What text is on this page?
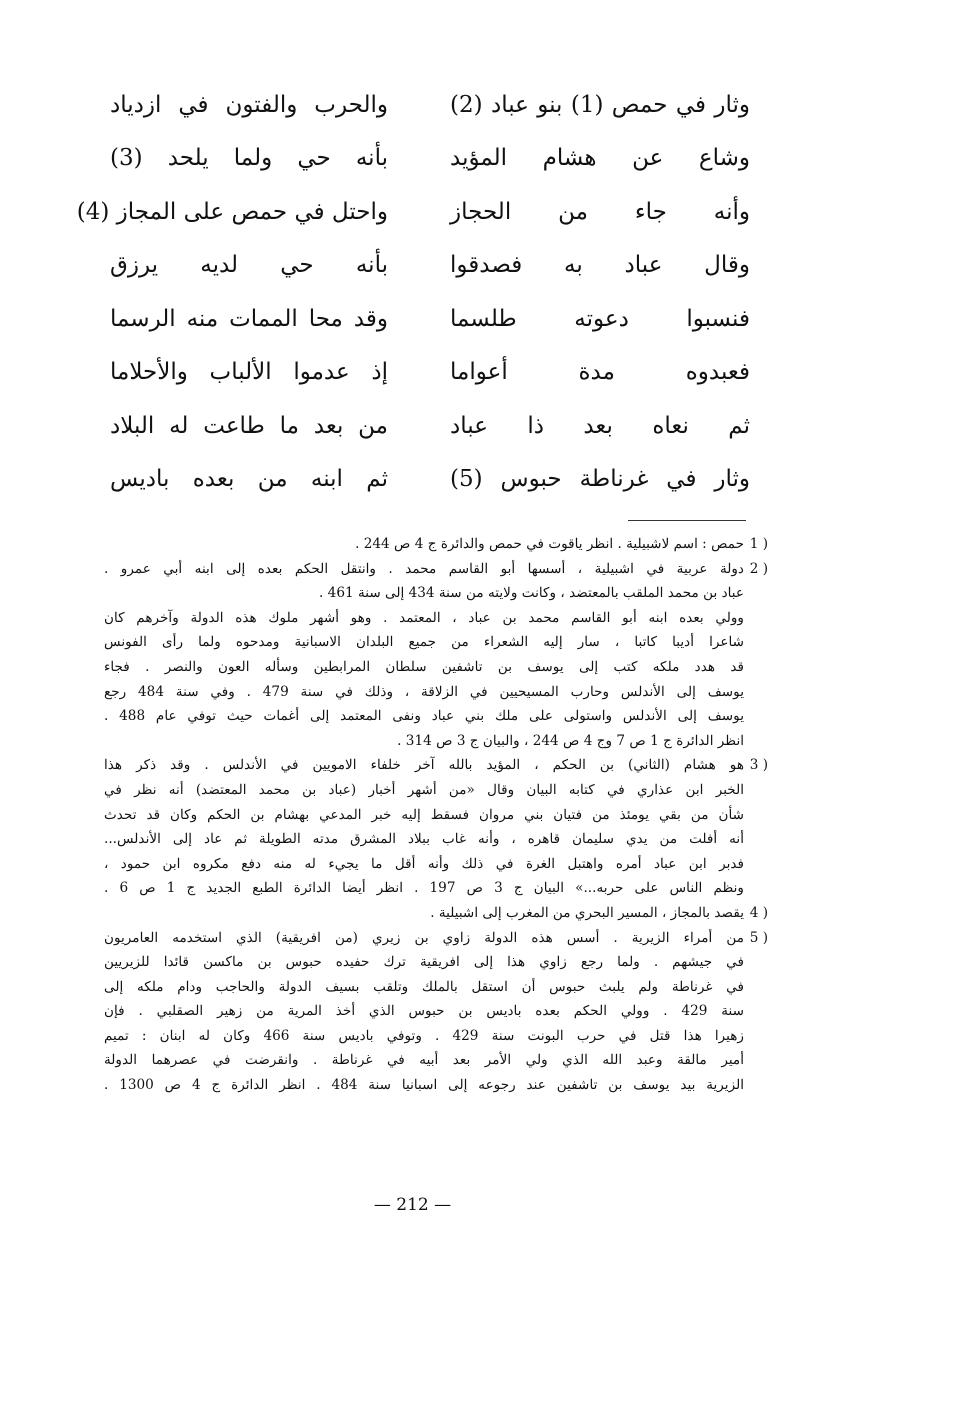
وثار في حمص (1) بنو عباد (2)
والحرب والفتون في ازدياد
وشاع عن هشام المؤيد
بأنه حي ولما يلحد (3)
وأنه جاء من الحجاز
واحتل في حمص على المجاز (4)
وقال عباد به فصدقوا
بأنه حي لديه يرزق
فنسبوا دعوته طلسما
وقد محا الممات منه الرسما
فعبدوه مدة أعواما
إذ عدموا الألباب والأحلاما
ثم نعاه بعد ذا عباد
من بعد ما طاعت له البلاد
وثار في غرناطة حبوس (5)
ثم ابنه من بعده باديس
1 )
حمص : اسم لاشبيلية . انظر ياقوت في حمص والدائرة ج 4 ص 244 .
2 )
دولة عربية في اشبيلية ، أسسها أبو القاسم محمد . وانتقل الحكم بعده إلى ابنه أبي عمرو .
عباد بن محمد الملقب بالمعتضد ، وكانت ولايته من سنة 434 إلى سنة 461 .
وولي بعده ابنه أبو القاسم محمد بن عباد ، المعتمد . وهو أشهر ملوك هذه الدولة وآخرهم كان
شاعرا أديبا كاتبا ، سار إليه الشعراء من جميع البلدان الاسبانية ومدحوه ولما رأى الفونس
قد هدد ملكه كتب إلى يوسف بن تاشفين سلطان المرابطين وسأله العون والنصر . فجاء
يوسف إلى الأندلس وحارب المسيحيين في الزلاقة ، وذلك في سنة 479 . وفي سنة 484 رجع
يوسف إلى الأندلس واستولى على ملك بني عباد ونفى المعتمد إلى أغمات حيث توفي عام 488 .
انظر الدائرة ج 1 ص 7 وج 4 ص 244 ، والبيان ج 3 ص 314 .
3 )
هو هشام (الثاني) بن الحكم ، المؤيد بالله آخر خلفاء الامويين في الأندلس . وقد ذكر هذا
الخبر ابن عذاري في كتابه البيان وقال «من أشهر أخبار (عباد بن محمد المعتضد) أنه نظر في
شأن من بقي يومئذ من فتيان بني مروان فسقط إليه خبر المدعي بهشام بن الحكم وكان قد تحدث
أنه أفلت من يدي سليمان قاهره ، وأنه غاب ببلاد المشرق مدته الطويلة ثم عاد إلى الأندلس...
فدبر ابن عباد أمره واهتبل الغرة في ذلك وأنه أقل ما يجيء له منه دفع مكروه ابن حمود ،
ونظم الناس على حربه...» البيان ج 3 ص 197 . انظر أيضا الدائرة الطبع الجديد ج 1 ص 6 .
4 )
يقصد بالمجاز ، المسير البحري من المغرب إلى اشبيلية .
5 )
من أمراء الزيرية . أسس هذه الدولة زاوي بن زيري (من افريقية) الذي استخدمه العامريون
في جيشهم . ولما رجع زاوي هذا إلى افريقية ترك حفيده حبوس بن ماكسن قائدا للزيريين
في غرناطة ولم يلبث حبوس أن استقل بالملك وتلقب بسيف الدولة والحاجب ودام ملكه إلى
سنة 429 . وولي الحكم بعده باديس بن حبوس الذي أخذ المرية من زهير الصقلبي . فإن
زهيرا هذا قتل في حرب البونت سنة 429 . وتوفي باديس سنة 466 وكان له ابنان : تميم
أمير مالقة وعبد الله الذي ولي الأمر بعد أبيه في غرناطة . وانقرضت في عصرهما الدولة
الزيرية بيد يوسف بن تاشفين عند رجوعه إلى اسبانيا سنة 484 . انظر الدائرة ج 4 ص 1300 .
— 212 —
